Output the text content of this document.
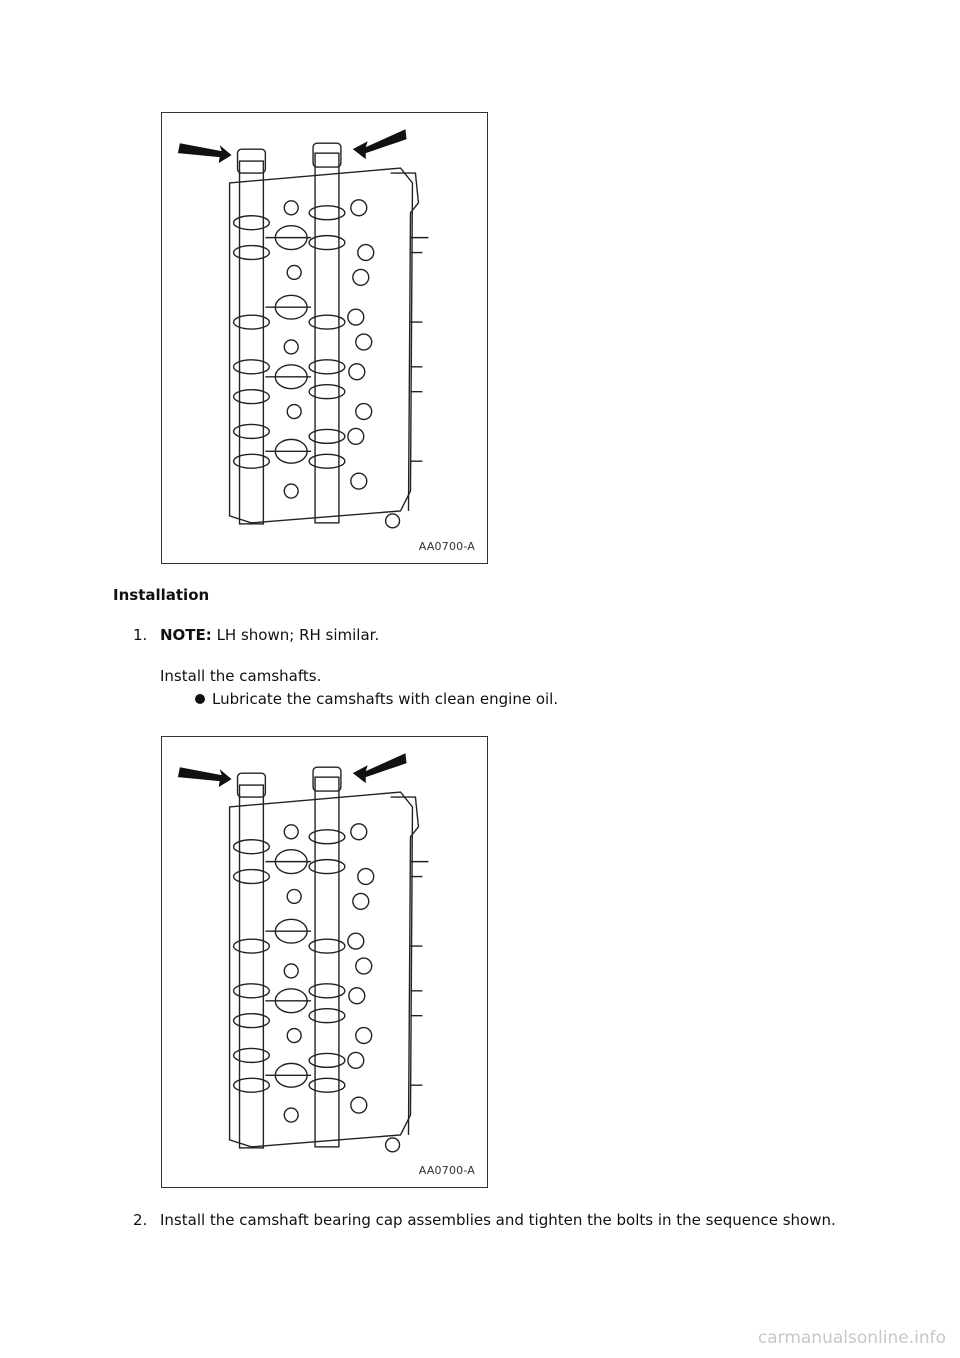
AA0700-A
Installation
1. NOTE: LH shown; RH similar.
Install the camshafts.
Lubricate the camshafts with clean engine oil.
AA0700-A
2. Install the camshaft bearing cap assemblies and tighten the bolts in the sequence shown.
carmanualsonline.info
